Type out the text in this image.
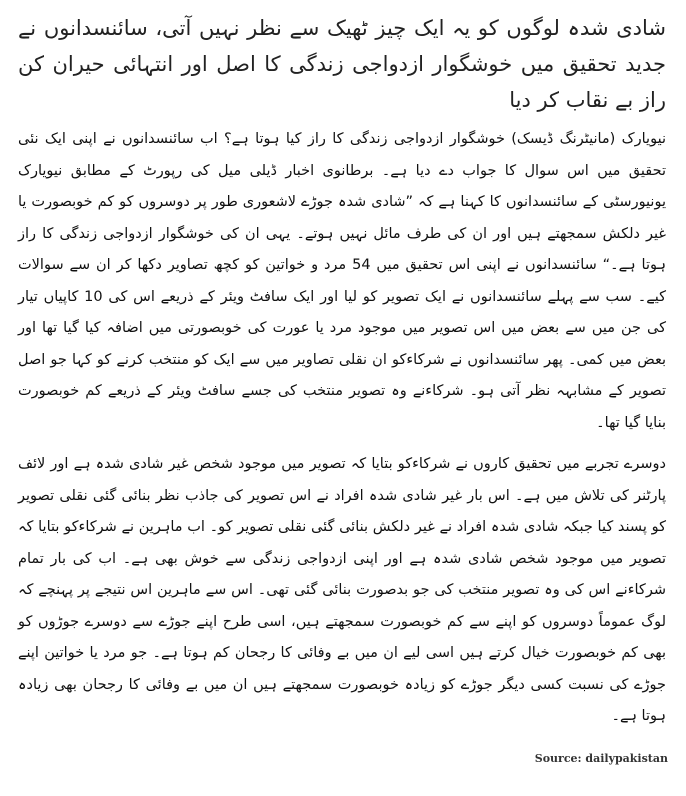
شادی شدہ لوگوں کو یہ ایک چیز ٹھیک سے نظر نہیں آتی، سائنسدانوں نے جدید تحقیق میں خوشگوار ازدواجی زندگی کا اصل اور انتہائی حیران کن راز بے نقاب کر دیا

نیویارک (مانیٹرنگ ڈیسک) خوشگوار ازدواجی زندگی کا راز کیا ہوتا ہے؟ اب سائنسدانوں نے اپنی ایک نئی تحقیق میں اس سوال کا جواب دے دیا ہے۔ برطانوی اخبار ڈیلی میل کی رپورٹ کے مطابق نیویارک یونیورسٹی کے سائنسدانوں کا کہنا ہے کہ ”شادی شدہ جوڑے لاشعوری طور پر دوسروں کو کم خوبصورت یا غیر دلکش سمجھتے ہیں اور ان کی طرف مائل نہیں ہوتے۔ یہی ان کی خوشگوار ازدواجی زندگی کا راز ہوتا ہے۔“ سائنسدانوں نے اپنی اس تحقیق میں 54 مرد و خواتین کو کچھ تصاویر دکھا کر ان سے سوالات کیے۔ سب سے پہلے سائنسدانوں نے ایک تصویر کو لیا اور ایک سافٹ ویئر کے ذریعے اس کی 10 کاپیاں تیار کی جن میں سے بعض میں اس تصویر میں موجود مرد یا عورت کی خوبصورتی میں اضافہ کیا گیا تھا اور بعض میں کمی۔ پھر سائنسدانوں نے شرکاءکو ان نقلی تصاویر میں سے ایک کو منتخب کرنے کو کہا جو اصل تصویر کے مشابہہ نظر آتی ہو۔ شرکاءنے وہ تصویر منتخب کی جسے سافٹ ویئر کے ذریعے کم خوبصورت بنایا گیا تھا۔

دوسرے تجربے میں تحقیق کاروں نے شرکاءکو بتایا کہ تصویر میں موجود شخص غیر شادی شدہ ہے اور لائف پارٹنر کی تلاش میں ہے۔ اس بار غیر شادی شدہ افراد نے اس تصویر کی جاذب نظر بنائی گئی نقلی تصویر کو پسند کیا جبکہ شادی شدہ افراد نے غیر دلکش بنائی گئی نقلی تصویر کو۔ اب ماہرین نے شرکاءکو بتایا کہ تصویر میں موجود شخص شادی شدہ ہے اور اپنی ازدواجی زندگی سے خوش بھی ہے۔ اب کی بار تمام شرکاءنے اس کی وہ تصویر منتخب کی جو بدصورت بنائی گئی تھی۔ اس سے ماہرین اس نتیجے پر پہنچے کہ لوگ عموماً دوسروں کو اپنے سے کم خوبصورت سمجھتے ہیں، اسی طرح اپنے جوڑے سے دوسرے جوڑوں کو بھی کم خوبصورت خیال کرتے ہیں اسی لیے ان میں بے وفائی کا رجحان کم ہوتا ہے۔ جو مرد یا خواتین اپنے جوڑے کی نسبت کسی دیگر جوڑے کو زیادہ خوبصورت سمجھتے ہیں ان میں بے وفائی کا رجحان بھی زیادہ ہوتا ہے۔

Source: dailypakistan
